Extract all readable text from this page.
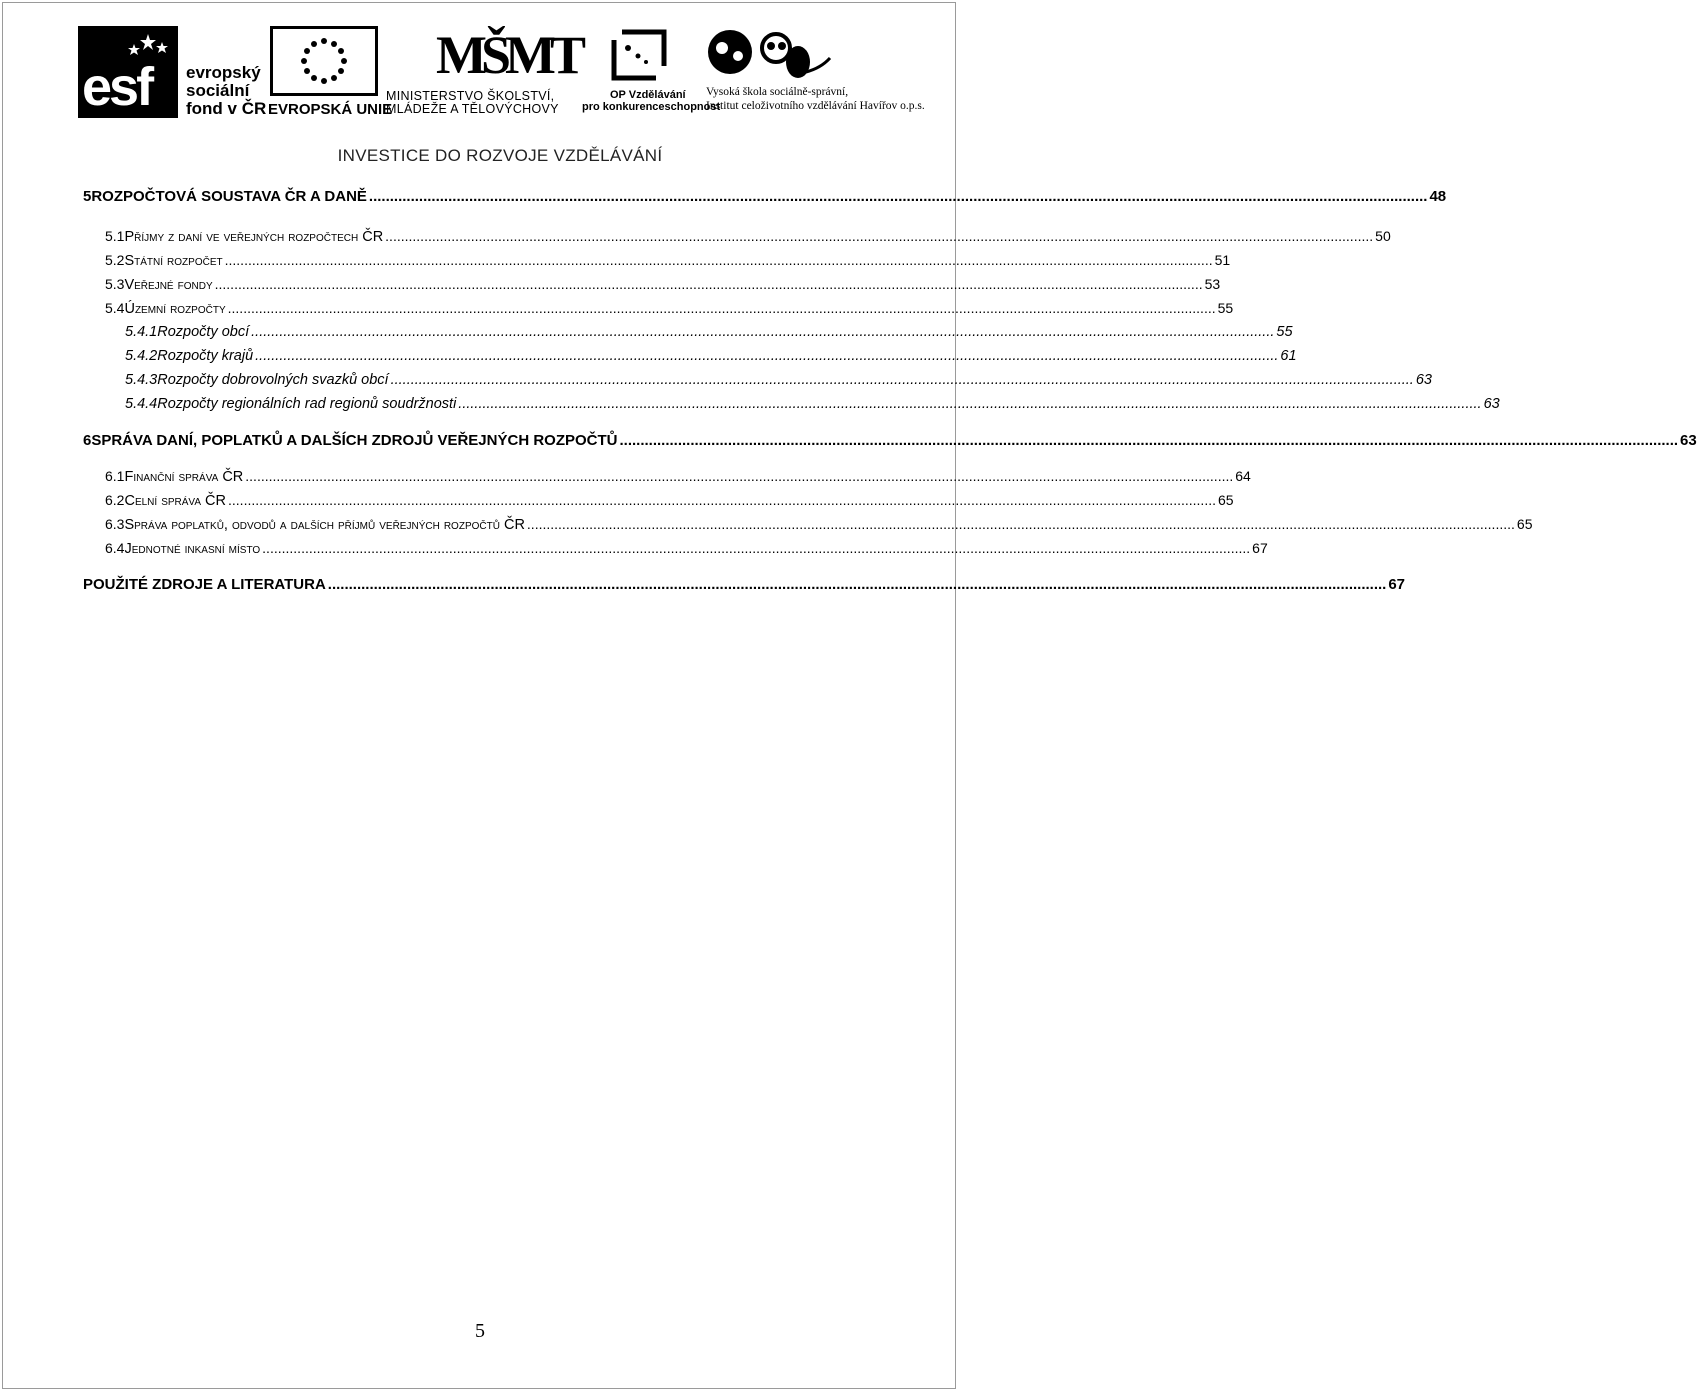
esf evropský
sociální
fond v ČR EVROPSKÁ UNIE
MŠMT
MINISTERSTVO ŠKOLSTVÍ,
MLÁDEŽE A TĚLOVÝCHOVY
OP Vzdělávání
pro konkurenceschopnost
Vysoká škola sociálně-správní,
Institut celoživotního vzdělávání Havířov o.p.s.
INVESTICE DO ROZVOJE VZDĚLÁVÁNÍ
5 ROZPOČTOVÁ SOUSTAVA ČR A DANĚ .....	48
5.1 Příjmy z daní ve veřejných rozpočtech ČR .....	50
5.2 Státní rozpočet .....	51
5.3 Veřejné fondy .....	53
5.4 Územní rozpočty .....	55
5.4.1 Rozpočty obcí .....	55
5.4.2 Rozpočty krajů .....	61
5.4.3 Rozpočty dobrovolných svazků obcí .....	63
5.4.4 Rozpočty regionálních rad regionů soudržnosti .....	63
6 SPRÁVA DANÍ, POPLATKŮ A DALŠÍCH ZDROJŮ VEŘEJNÝCH ROZPOČTŮ .....	63
6.1 Finanční správa ČR .....	64
6.2 Celní správa ČR .....	65
6.3 Správa poplatků, odvodů a dalších příjmů veřejných rozpočtů ČR .....	65
6.4 Jednotné inkasní místo .....	67
POUŽITÉ ZDROJE A LITERATURA .....	67
5
